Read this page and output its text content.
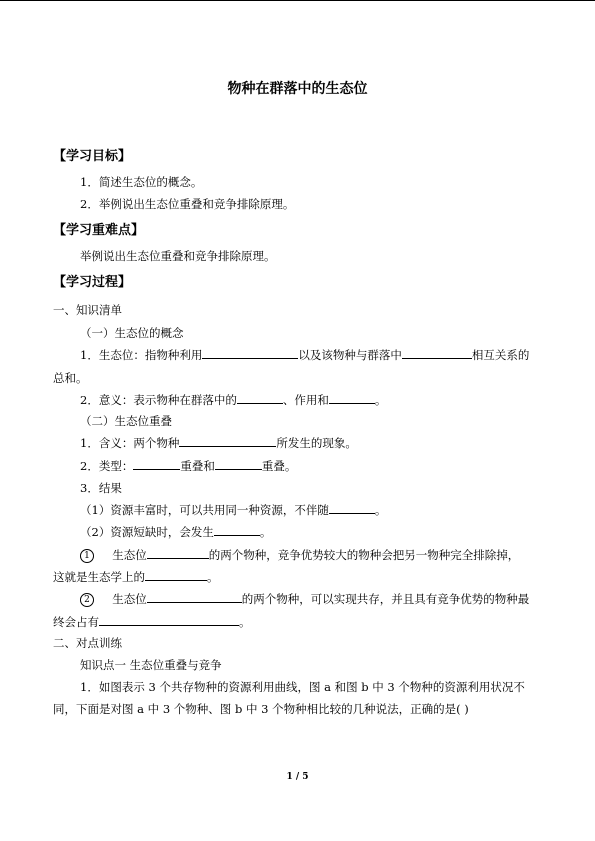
物种在群落中的生态位
【学习目标】
1．简述生态位的概念。
2．举例说出生态位重叠和竞争排除原理。
【学习重难点】
举例说出生态位重叠和竞争排除原理。
【学习过程】
一、知识清单
（一）生态位的概念
1．生态位：指物种利用	以及该物种与群落中	相互关系的
总和。
2．意义：表示物种在群落中的	、作用和	。
（二）生态位重叠
1．含义：两个物种	所发生的现象。
2．类型：	重叠和	重叠。
3．结果
（1）资源丰富时，可以共用同一种资源，不伴随	。
（2）资源短缺时，会发生	。
1 生态位	的两个物种，竞争优势较大的物种会把另一物种完全排除掉，
这就是生态学上的	。
2 生态位	的两个物种，可以实现共存，并且具有竞争优势的物种最
终会占有	。
二、对点训练
知识点一 生态位重叠与竞争
1．如图表示 3 个共存物种的资源利用曲线，图 a 和图 b 中 3 个物种的资源利用状况不
同，下面是对图 a 中 3 个物种、图 b 中 3 个物种相比较的几种说法，正确的是( )
1 / 5
